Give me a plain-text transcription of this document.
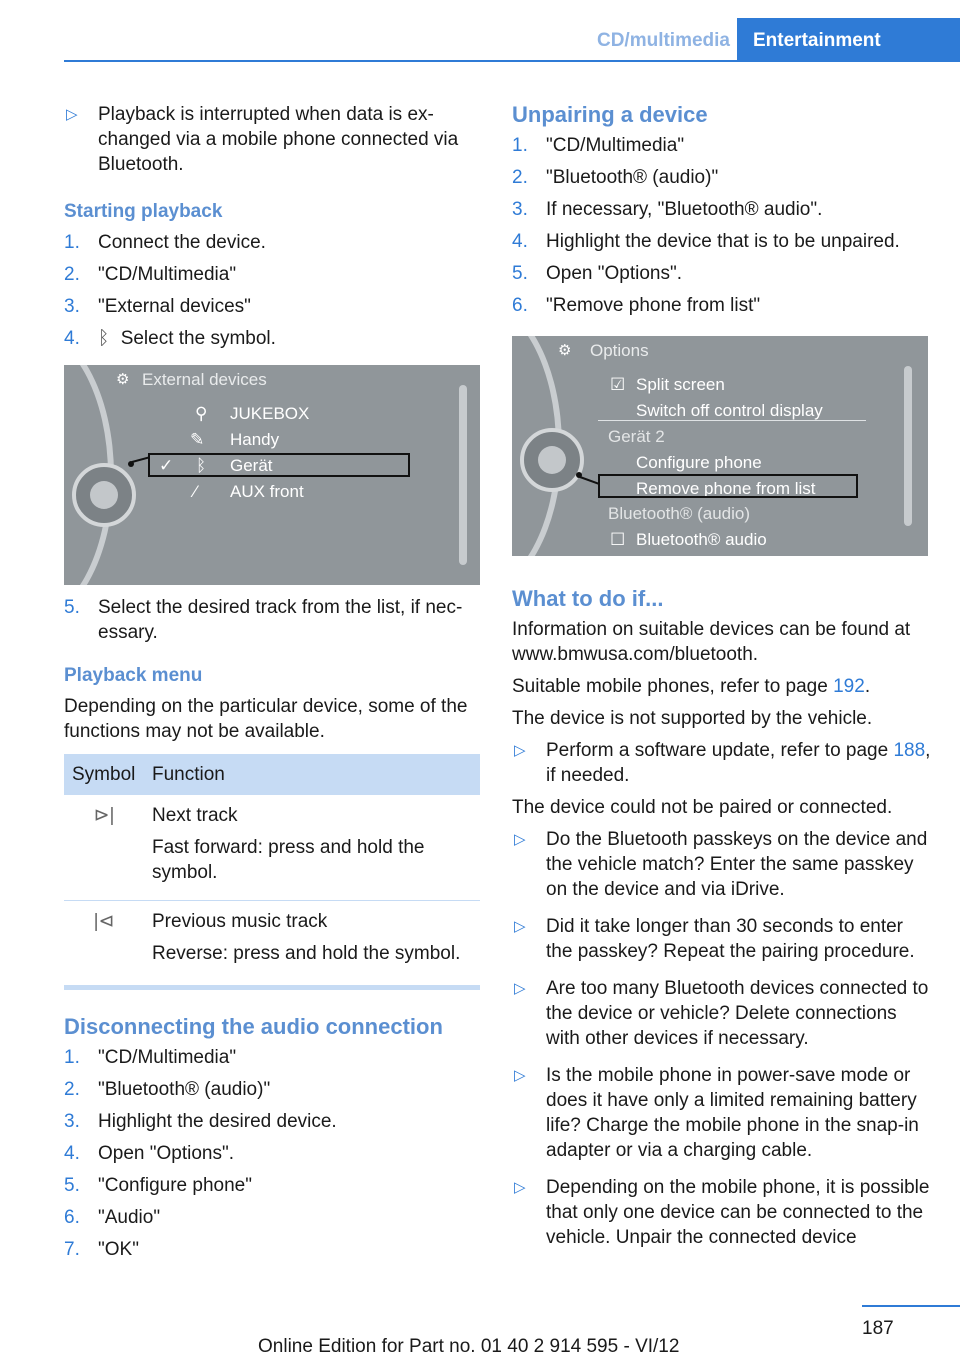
CD/multimedia	Entertainment
▷ Playback is interrupted when data is exchanged via a mobile phone connected via Bluetooth.
Starting playback
1. Connect the device.
2. "CD/Multimedia"
3. "External devices"
4. ᛒ Select the symbol.
⚙ External devices
⚲ JUKEBOX
✎ Handy
✓ ᛒ Gerät
⁄ AUX front
5. Select the desired track from the list, if necessary.
Playback menu

Depending on the particular device, some of the functions may not be available.

Symbol	Function
⊳|	Next track

Fast forward: press and hold the symbol.

|⊲	Previous music track

Reverse: press and hold the symbol.

Disconnecting the audio connection
1. "CD/Multimedia"
2. "Bluetooth® (audio)"
3. Highlight the desired device.
4. Open "Options".
5. "Configure phone"
6. "Audio"
7. "OK"
Unpairing a device
1. "CD/Multimedia"
2. "Bluetooth® (audio)"
3. If necessary, "Bluetooth® audio".
4. Highlight the device that is to be unpaired.
5. Open "Options".
6. "Remove phone from list"
⚙ Options
☑ Split screen
Switch off control display
Gerät 2
Configure phone
Remove phone from list
Bluetooth® (audio)
☐ Bluetooth® audio
What to do if...

Information on suitable devices can be found at www.bmwusa.com/bluetooth.

Suitable mobile phones, refer to page 192.

The device is not supported by the vehicle.

▷ Perform a software update, refer to page 188, if needed.

The device could not be paired or connected.

▷ Do the Bluetooth passkeys on the device and the vehicle match? Enter the same passkey on the device and via iDrive.
▷ Did it take longer than 30 seconds to enter the passkey? Repeat the pairing procedure.
▷ Are too many Bluetooth devices connected to the device or vehicle? Delete connections with other devices if necessary.
▷ Is the mobile phone in power-save mode or does it have only a limited remaining battery life? Charge the mobile phone in the snap-in adapter or via a charging cable.
▷ Depending on the mobile phone, it is possible that only one device can be connected to the vehicle. Unpair the connected device
187
Online Edition for Part no. 01 40 2 914 595 - VI/12
